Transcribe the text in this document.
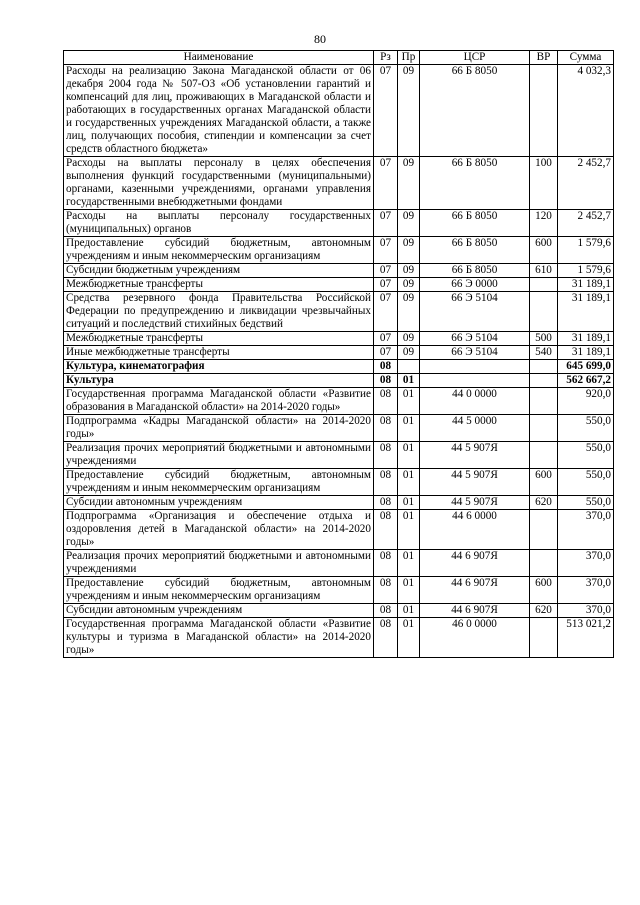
80
Наименование	Рз	Пр	ЦСР	ВР	Сумма
Расходы на реализацию Закона Магаданской области от 06 декабря 2004 года № 507-ОЗ «Об установлении гарантий и компенсаций для лиц, проживающих в Магаданской области и работающих в государственных органах Магаданской области и государственных учреждениях Магаданской области, а также лиц, получающих пособия, стипендии и компенсации за счет средств областного бюджета»	07	09	66 Б 8050		4 032,3
Расходы на выплаты персоналу в целях обеспечения выполнения функций государственными (муниципальными) органами, казенными учреждениями, органами управления государственными внебюджетными фондами	07	09	66 Б 8050	100	2 452,7
Расходы на выплаты персоналу государственных (муниципальных) органов	07	09	66 Б 8050	120	2 452,7
Предоставление субсидий бюджетным, автономным учреждениям и иным некоммерческим организациям	07	09	66 Б 8050	600	1 579,6
Субсидии бюджетным учреждениям	07	09	66 Б 8050	610	1 579,6
Межбюджетные трансферты	07	09	66 Э 0000		31 189,1
Средства резервного фонда Правительства Российской Федерации по предупреждению и ликвидации чрезвычайных ситуаций и последствий стихийных бедствий	07	09	66 Э 5104		31 189,1
Межбюджетные трансферты	07	09	66 Э 5104	500	31 189,1
Иные межбюджетные трансферты	07	09	66 Э 5104	540	31 189,1
Культура, кинематография	08				645 699,0
Культура	08	01			562 667,2
Государственная программа Магаданской области «Развитие образования в Магаданской области» на 2014-2020 годы»	08	01	44 0 0000		920,0
Подпрограмма «Кадры Магаданской области» на 2014-2020 годы»	08	01	44 5 0000		550,0
Реализация прочих мероприятий бюджетными и автономными учреждениями	08	01	44 5 907Я		550,0
Предоставление субсидий бюджетным, автономным учреждениям и иным некоммерческим организациям	08	01	44 5 907Я	600	550,0
Субсидии автономным учреждениям	08	01	44 5 907Я	620	550,0
Подпрограмма «Организация и обеспечение отдыха и оздоровления детей в Магаданской области» на 2014-2020 годы»	08	01	44 6 0000		370,0
Реализация прочих мероприятий бюджетными и автономными учреждениями	08	01	44 6 907Я		370,0
Предоставление субсидий бюджетным, автономным учреждениям и иным некоммерческим организациям	08	01	44 6 907Я	600	370,0
Субсидии автономным учреждениям	08	01	44 6 907Я	620	370,0
Государственная программа Магаданской области «Развитие культуры и туризма в Магаданской области» на 2014-2020 годы»	08	01	46 0 0000		513 021,2
